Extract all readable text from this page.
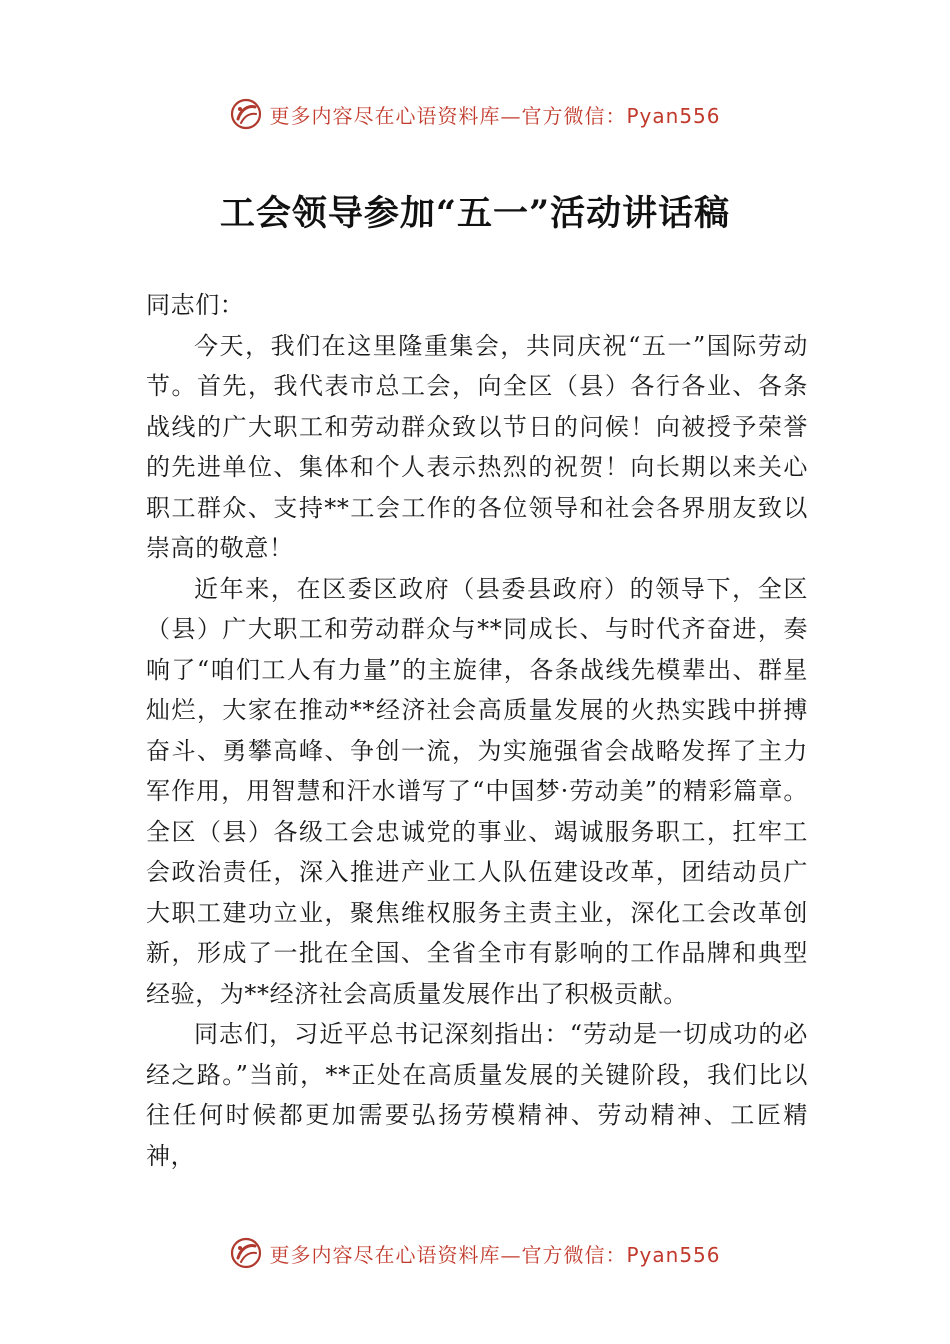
更多内容尽在心语资料库—官方微信：Pyan556
工会领导参加“五一”活动讲话稿

同志们：

今天，我们在这里隆重集会，共同庆祝“五一”国际劳动节。首先，我代表市总工会，向全区（县）各行各业、各条战线的广大职工和劳动群众致以节日的问候！向被授予荣誉的先进单位、集体和个人表示热烈的祝贺！向长期以来关心职工群众、支持**工会工作的各位领导和社会各界朋友致以崇高的敬意！

近年来，在区委区政府（县委县政府）的领导下，全区（县）广大职工和劳动群众与**同成长、与时代齐奋进，奏响了“咱们工人有力量”的主旋律，各条战线先模辈出、群星灿烂，大家在推动**经济社会高质量发展的火热实践中拼搏奋斗、勇攀高峰、争创一流，为实施强省会战略发挥了主力军作用，用智慧和汗水谱写了“中国梦·劳动美”的精彩篇章。全区（县）各级工会忠诚党的事业、竭诚服务职工，扛牢工会政治责任，深入推进产业工人队伍建设改革，团结动员广大职工建功立业，聚焦维权服务主责主业，深化工会改革创新，形成了一批在全国、全省全市有影响的工作品牌和典型经验，为**经济社会高质量发展作出了积极贡献。

同志们，习近平总书记深刻指出：“劳动是一切成功的必经之路。”当前，**正处在高质量发展的关键阶段，我们比以往任何时候都更加需要弘扬劳模精神、劳动精神、工匠精神，

更多内容尽在心语资料库—官方微信：Pyan556
